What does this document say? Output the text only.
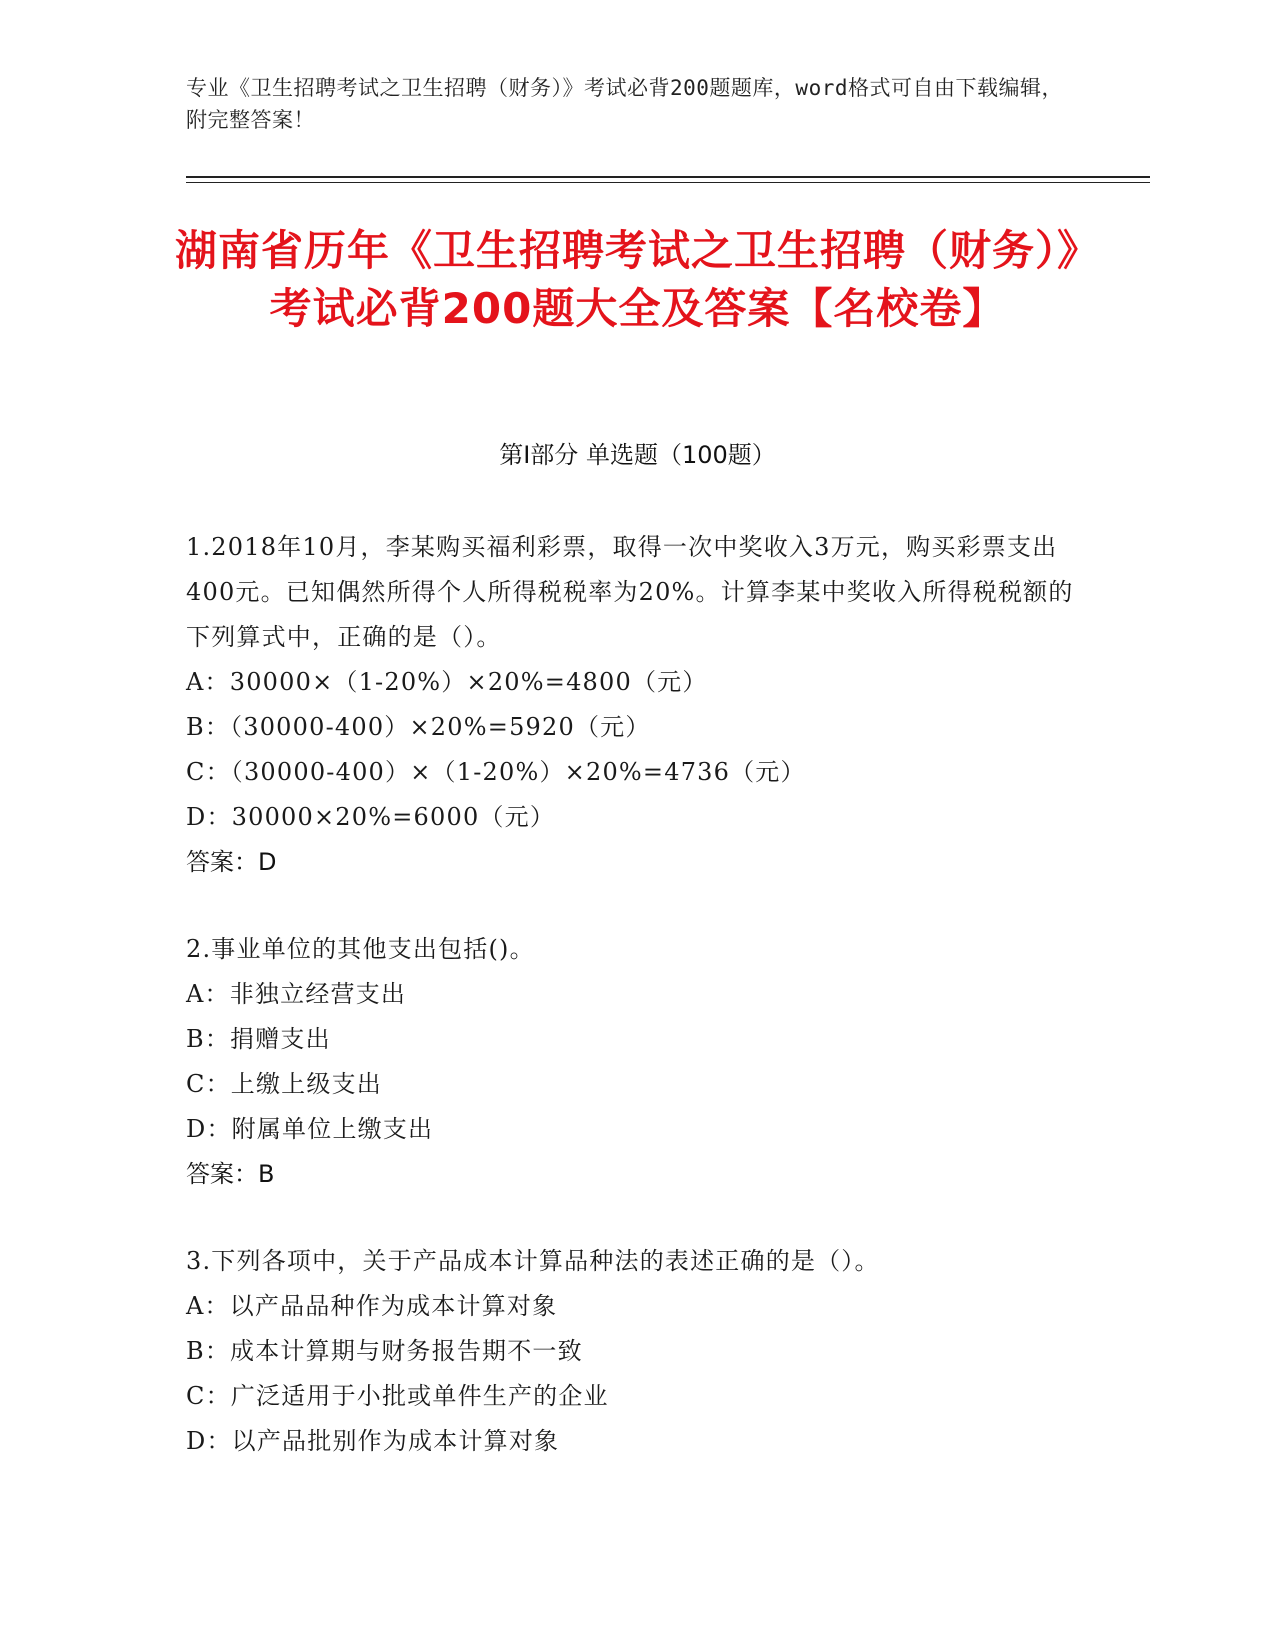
专业《卫生招聘考试之卫生招聘（财务）》考试必背200题题库，word格式可自由下载编辑，附完整答案！
湖南省历年《卫生招聘考试之卫生招聘（财务）》考试必背200题大全及答案【名校卷】
第Ⅰ部分 单选题（100题）
1.2018年10月，李某购买福利彩票，取得一次中奖收入3万元，购买彩票支出400元。已知偶然所得个人所得税税率为20%。计算李某中奖收入所得税税额的下列算式中，正确的是（）。
A：30000×（1-20%）×20%=4800（元）
B：（30000-400）×20%=5920（元）
C：（30000-400）×（1-20%）×20%=4736（元）
D：30000×20%=6000（元）
答案：D
2.事业单位的其他支出包括()。
A：非独立经营支出
B：捐赠支出
C：上缴上级支出
D：附属单位上缴支出
答案：B
3.下列各项中，关于产品成本计算品种法的表述正确的是（）。
A：以产品品种作为成本计算对象
B：成本计算期与财务报告期不一致
C：广泛适用于小批或单件生产的企业
D：以产品批别作为成本计算对象
